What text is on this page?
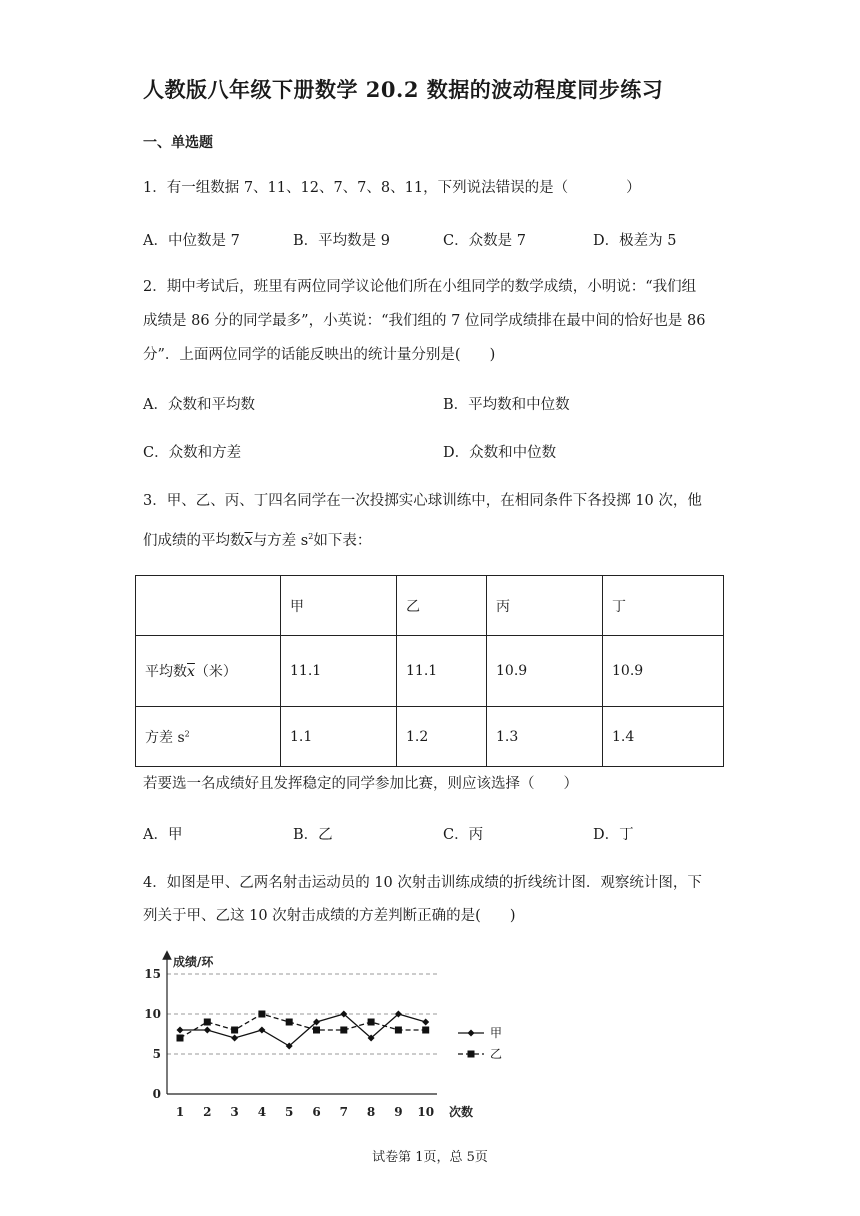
人教版八年级下册数学 20.2 数据的波动程度同步练习
一、单选题
1．有一组数据 7、11、12、7、7、8、11，下列说法错误的是（　　　　）
A．中位数是 7	B．平均数是 9	C．众数是 7	D．极差为 5
2．期中考试后，班里有两位同学议论他们所在小组同学的数学成绩，小明说：“我们组
成绩是 86 分的同学最多”，小英说：“我们组的 7 位同学成绩排在最中间的恰好也是 86
分”．上面两位同学的话能反映出的统计量分别是(　　)
A．众数和平均数	B．平均数和中位数
C．众数和方差	D．众数和中位数
3．甲、乙、丙、丁四名同学在一次投掷实心球训练中，在相同条件下各投掷 10 次，他
们成绩的平均数$\overline{x}$与方差 $s^2$如下表：
	甲	乙	丙	丁
平均数$\overline{x}$（米）	11.1	11.1	10.9	10.9
方差 $s^2$	1.1	1.2	1.3	1.4
若要选一名成绩好且发挥稳定的同学参加比赛，则应该选择（　　）
A．甲	B．乙	C．丙	D．丁
4．如图是甲、乙两名射击运动员的 10 次射击训练成绩的折线统计图．观察统计图，下
列关于甲、乙这 10 次射击成绩的方差判断正确的是(　　)
0
5
10
15
1 2 3 4 5 6 7 8 9 10
甲
乙
成绩/环
次数
试卷第 1页，总 5页
